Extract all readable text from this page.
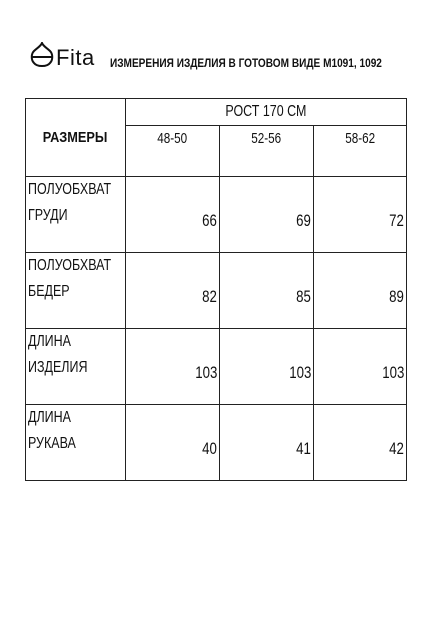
Fita ИЗМЕРЕНИЯ ИЗДЕЛИЯ В ГОТОВОМ ВИДЕ М1091, 1092
РАЗМЕРЫ	РОСТ 170 СМ		
	48-50	52-56	58-62
ПОЛУОБХВАТ ГРУДИ	66	69	72
ПОЛУОБХВАТ БЕДЕР	82	85	89
ДЛИНА ИЗДЕЛИЯ	103	103	103
ДЛИНА РУКАВА	40	41	42
